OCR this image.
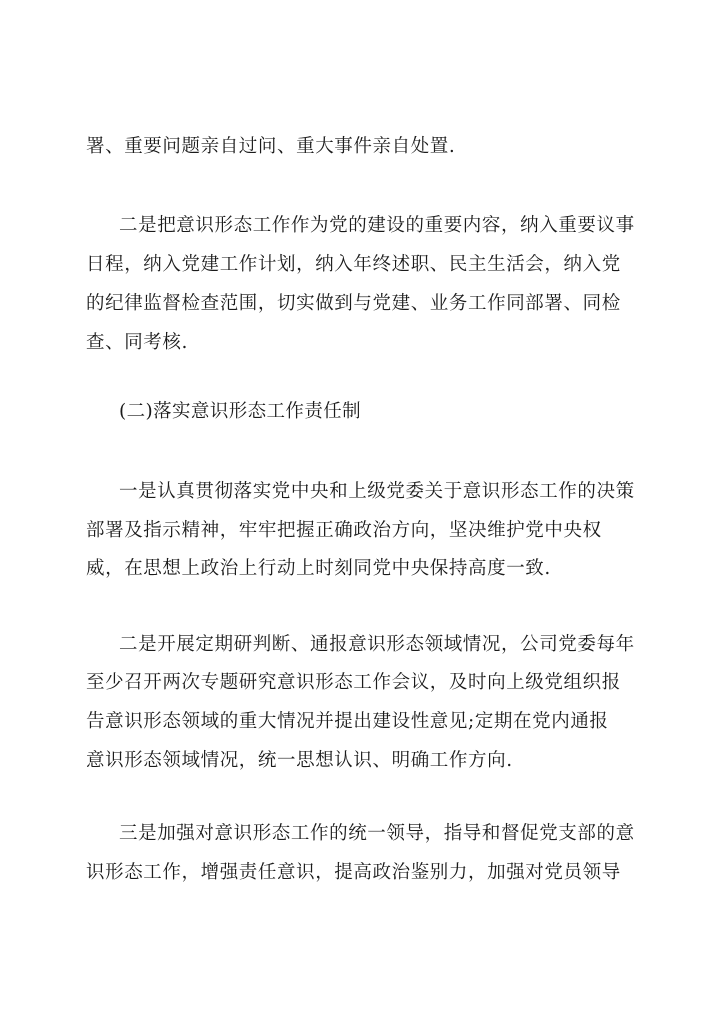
署、重要问题亲自过问、重大事件亲自处置.
二是把意识形态工作作为党的建设的重要内容，纳入重要议事
日程，纳入党建工作计划，纳入年终述职、民主生活会，纳入党
的纪律监督检查范围，切实做到与党建、业务工作同部署、同检
查、同考核.
(二)落实意识形态工作责任制
一是认真贯彻落实党中央和上级党委关于意识形态工作的决策
部署及指示精神，牢牢把握正确政治方向，坚决维护党中央权
威，在思想上政治上行动上时刻同党中央保持高度一致.
二是开展定期研判断、通报意识形态领域情况，公司党委每年
至少召开两次专题研究意识形态工作会议，及时向上级党组织报
告意识形态领域的重大情况并提出建设性意见;定期在党内通报
意识形态领域情况，统一思想认识、明确工作方向.
三是加强对意识形态工作的统一领导，指导和督促党支部的意
识形态工作，增强责任意识，提高政治鉴别力，加强对党员领导
